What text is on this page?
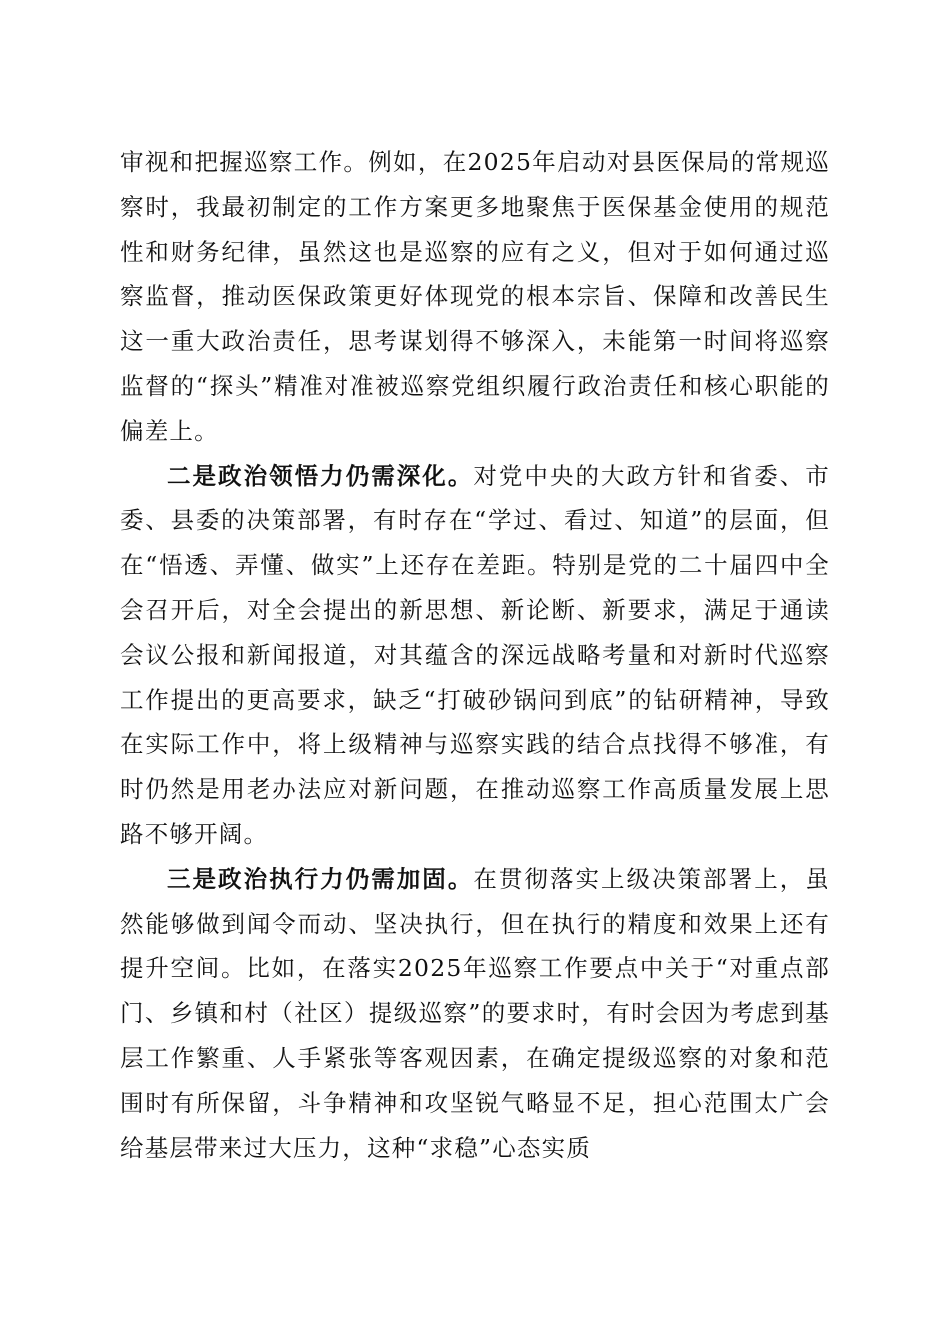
审视和把握巡察工作。例如，在2025年启动对县医保局的常规巡察时，我最初制定的工作方案更多地聚焦于医保基金使用的规范性和财务纪律，虽然这也是巡察的应有之义，但对于如何通过巡察监督，推动医保政策更好体现党的根本宗旨、保障和改善民生这一重大政治责任，思考谋划得不够深入，未能第一时间将巡察监督的“探头”精准对准被巡察党组织履行政治责任和核心职能的偏差上。

二是政治领悟力仍需深化。对党中央的大政方针和省委、市委、县委的决策部署，有时存在“学过、看过、知道”的层面，但在“悟透、弄懂、做实”上还存在差距。特别是党的二十届四中全会召开后，对全会提出的新思想、新论断、新要求，满足于通读会议公报和新闻报道，对其蕴含的深远战略考量和对新时代巡察工作提出的更高要求，缺乏“打破砂锅问到底”的钻研精神，导致在实际工作中，将上级精神与巡察实践的结合点找得不够准，有时仍然是用老办法应对新问题，在推动巡察工作高质量发展上思路不够开阔。

三是政治执行力仍需加固。在贯彻落实上级决策部署上，虽然能够做到闻令而动、坚决执行，但在执行的精度和效果上还有提升空间。比如，在落实2025年巡察工作要点中关于“对重点部门、乡镇和村（社区）提级巡察”的要求时，有时会因为考虑到基层工作繁重、人手紧张等客观因素，在确定提级巡察的对象和范围时有所保留，斗争精神和攻坚锐气略显不足，担心范围太广会给基层带来过大压力，这种“求稳”心态实质
